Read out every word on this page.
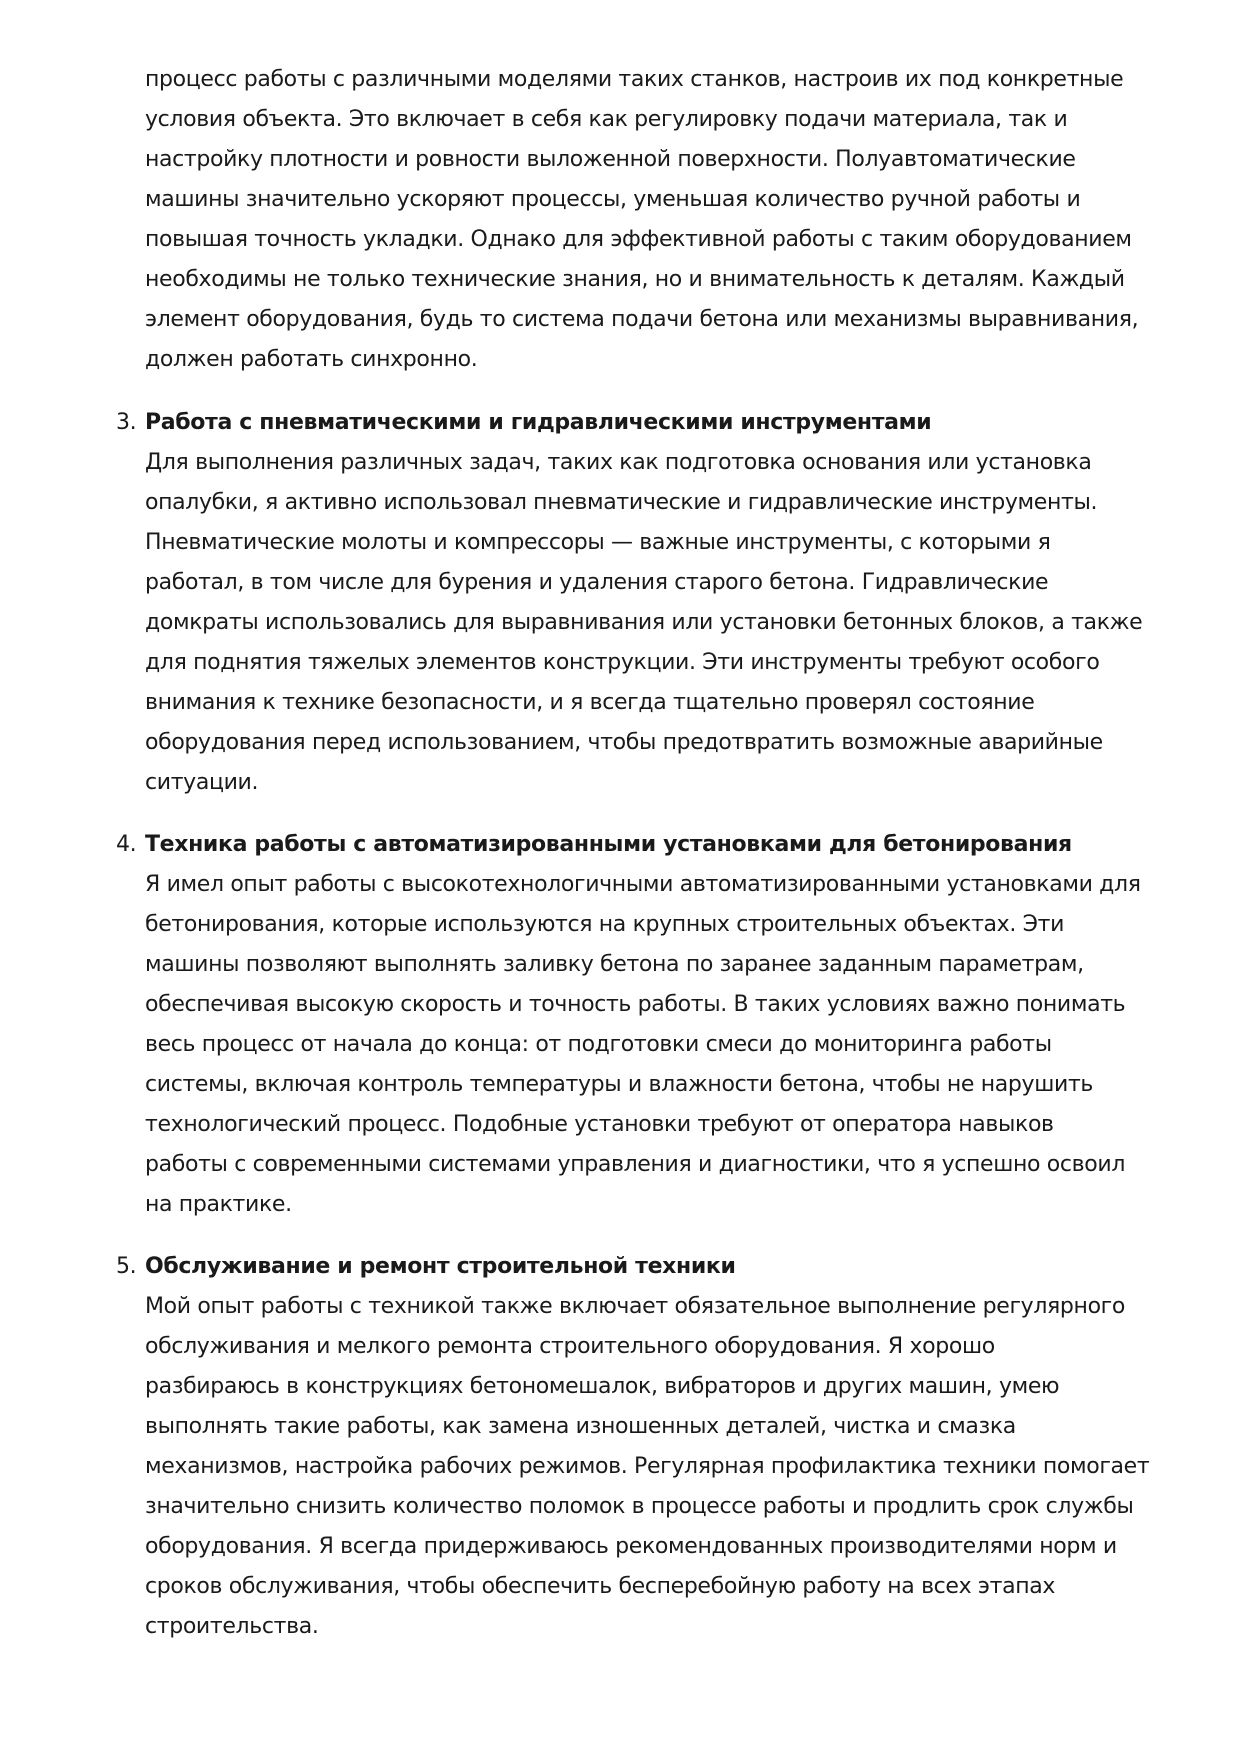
процесс работы с различными моделями таких станков, настроив их под конкретные
условия объекта. Это включает в себя как регулировку подачи материала, так и
настройку плотности и ровности выложенной поверхности. Полуавтоматические
машины значительно ускоряют процессы, уменьшая количество ручной работы и
повышая точность укладки. Однако для эффективной работы с таким оборудованием
необходимы не только технические знания, но и внимательность к деталям. Каждый
элемент оборудования, будь то система подачи бетона или механизмы выравнивания,
должен работать синхронно.
3. Работа с пневматическими и гидравлическими инструментами
Для выполнения различных задач, таких как подготовка основания или установка
опалубки, я активно использовал пневматические и гидравлические инструменты.
Пневматические молоты и компрессоры — важные инструменты, с которыми я
работал, в том числе для бурения и удаления старого бетона. Гидравлические
домкраты использовались для выравнивания или установки бетонных блоков, а также
для поднятия тяжелых элементов конструкции. Эти инструменты требуют особого
внимания к технике безопасности, и я всегда тщательно проверял состояние
оборудования перед использованием, чтобы предотвратить возможные аварийные
ситуации.
4. Техника работы с автоматизированными установками для бетонирования
Я имел опыт работы с высокотехнологичными автоматизированными установками для
бетонирования, которые используются на крупных строительных объектах. Эти
машины позволяют выполнять заливку бетона по заранее заданным параметрам,
обеспечивая высокую скорость и точность работы. В таких условиях важно понимать
весь процесс от начала до конца: от подготовки смеси до мониторинга работы
системы, включая контроль температуры и влажности бетона, чтобы не нарушить
технологический процесс. Подобные установки требуют от оператора навыков
работы с современными системами управления и диагностики, что я успешно освоил
на практике.
5. Обслуживание и ремонт строительной техники
Мой опыт работы с техникой также включает обязательное выполнение регулярного
обслуживания и мелкого ремонта строительного оборудования. Я хорошо
разбираюсь в конструкциях бетономешалок, вибраторов и других машин, умею
выполнять такие работы, как замена изношенных деталей, чистка и смазка
механизмов, настройка рабочих режимов. Регулярная профилактика техники помогает
значительно снизить количество поломок в процессе работы и продлить срок службы
оборудования. Я всегда придерживаюсь рекомендованных производителями норм и
сроков обслуживания, чтобы обеспечить бесперебойную работу на всех этапах
строительства.
